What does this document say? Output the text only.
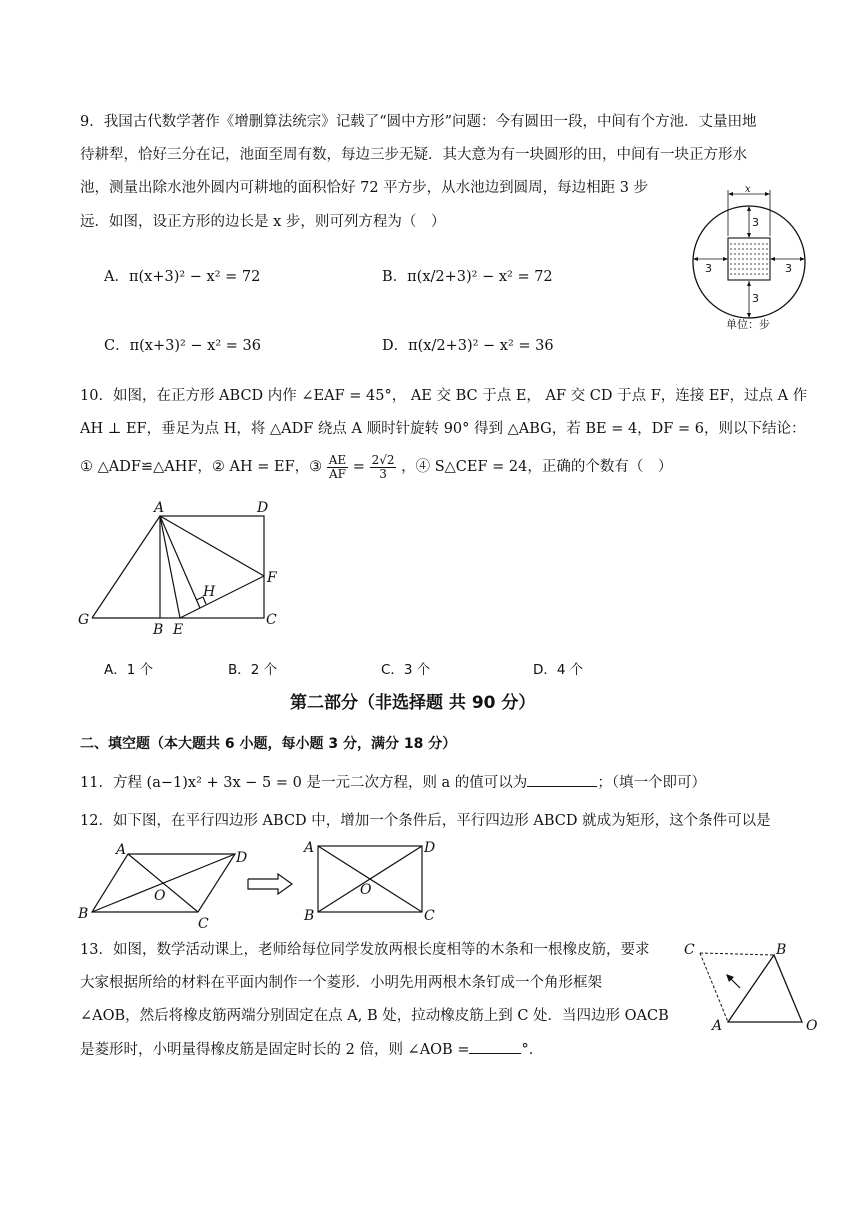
9．我国古代数学著作《增删算法统宗》记载了“圆中方形”问题：今有圆田一段，中间有个方池．丈量田地
待耕犁，恰好三分在记，池面至周有数，每边三步无疑．其大意为有一块圆形的田，中间有一块正方形水
池，测量出除水池外圆内可耕地的面积恰好 72 平方步，从水池边到圆周，每边相距 3 步
远．如图，设正方形的边长是 x 步，则可列方程为（　）
A．π(x+3)² − x² = 72	B．π(x/2+3)² − x² = 72
C．π(x+3)² − x² = 36	D．π(x/2+3)² − x² = 36
x
3
3
3	3
单位：步
10．如图，在正方形 ABCD 内作 ∠EAF = 45°， AE 交 BC 于点 E， AF 交 CD 于点 F，连接 EF，过点 A 作
AH ⊥ EF，垂足为点 H，将 △ADF 绕点 A 顺时针旋转 90° 得到 △ABG，若 BE = 4，DF = 6，则以下结论：
① △ADF≌△AHF，② AH = EF，③ $\frac{AE}{AF} = \frac{2√2}{3}$ ，④ S△CEF = 24，正确的个数有（　）
A	D
F
H
G
B E
C
A．1 个	B．2 个	C．3 个	D．4 个
第二部分（非选择题 共 90 分）
二、填空题（本大题共 6 小题，每小题 3 分，满分 18 分）
11．方程 (a−1)x² + 3x − 5 = 0 是一元二次方程，则 a 的值可以为	；（填一个即可）
12．如下图，在平行四边形 ABCD 中，增加一个条件后，平行四边形 ABCD 就成为矩形，这个条件可以是
A	D
B
C
O
A	D
B	C
O
13．如图，数学活动课上，老师给每位同学发放两根长度相等的木条和一根橡皮筋，要求
大家根据所给的材料在平面内制作一个菱形．小明先用两根木条钉成一个角形框架
∠AOB，然后将橡皮筋两端分别固定在点 A, B 处，拉动橡皮筋上到 C 处．当四边形 OACB
是菱形时，小明量得橡皮筋是固定时长的 2 倍，则 ∠AOB =	°．
C	B
A	O
